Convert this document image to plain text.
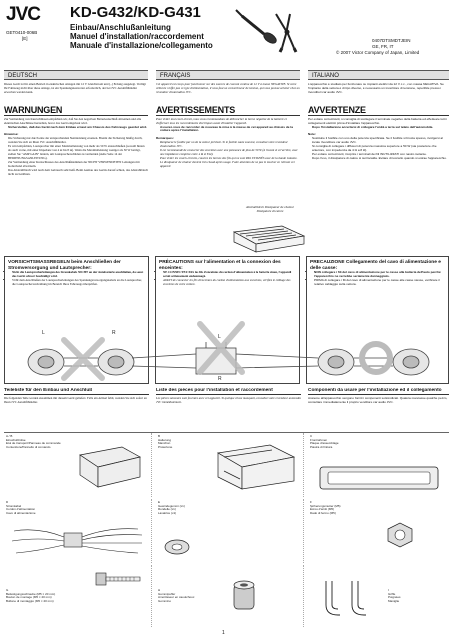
JVC KD-G432/KD-G431
Einbau/Anschlußanleitung
Manuel d'installation/raccordement
Manuale d'installazione/collegamento
GET0410-006B
[E]	0407DTSMDTJEIN
GE, FR, IT
© 2007 Victor Company of Japan, Limited
DEUTSCH	FRANÇAIS	ITALIANO
Dieses Gerät ist für einen Betrieb in elektrischen Anlagen mit 12 V Gleichstrom und (–) Erdung ausgelegt. Verfügt Ihr Fahrzeug nicht über diese Anlage, ist ein Spannungskonverter erforderlich, der bei JVC Autohifihändler erworben werden kann.
WARNUNGEN
Zur Vermeidung von Kurzschlüssen empfehlen wir, daß Sie den negativen Batterieanschluß abtrennen und alle elektrischen Anschlüsse herstellen, bevor das Gerät eingebaut wird.
• Sicherstellen, daß das Gerät nach dem Einbau erneut am Chassis des Fahrzeugs geerdet wird.
Hinweise:
• Die Sicherung nur durch eine der entsprechenden Nennleistung ersetzen. Brennt die Sicherung häufig durch, wenden Sie sich an Ihren JVC Autohifihändler.
• Es wird empfohlen, Lautsprecher mit einer Maximalleistung von mehr als 50 W anzuschließen (sowohl hinten als auch vorne, mit einer Impedanz von 4 Ω bis 8 Ω). Wenn die Maximalleistung weniger als 50 W beträgt, stellen Sie "AMP GAIN" ändern, um Lautsprecherschäden zu vermeiden (siehe Seite 14 der BEDIENUNGSANLEITUNG).
• Zur Vermeidung einer Kurzschlusses des Anschlußklemmen der NICHT VERWENDETEN Leitungen mit Isolierband abwickeln.
• Das Abstrahlblech wird nach dem Gebrauch sehr heiß. Beim Ausbau des Geräts darauf achten, das Abstrahlblech nicht zu berühren.
Cet appareil est conçu pour fonctionner sur des sources de courant continu de 12 V à masse NÉGATIVE. Si votre véhicule n'offre pas ce type d'alimentation, il vous faut un convertisseur de tension, qui vous pouvez acheter chez un revendeur d'autoradios JVC.
AVERTISSEMENTS
Pour éviter tout court-circuit, nous vous recommandons de débrancher la borne négative de la batterie et d'effectuer tous les raccordements électriques avant d'installer l'appareil.
• Assurez-vous de raccorder de nouveau la mise à la masse de cet appareil au châssis de la voiture après l'installation.
Remarques:
• Remplacez le fusible par un de la valeur précisée. Si le fusible saute souvent, consultez votre revendeur d'autoradios JVC.
• Il est recommandé de connecter des enceintes avec une puissance de plus de 50 W (à l'avant et à l'arrière, avec une impédance comprise entre 4 Ω et 8 Ω).
• Pour éviter les courts-circuits, couvrez les bornes des fils qui ne sont PAS UTILISÉS avec de la bande isolante.
• Le dissipateur de chaleur devient très chaud après usage. Faire attention de ne pas le toucher en retirant cet appareil.
Abstrahlblech Dissipateur de chaleur Dissipatore di calore
L'apparecchio è studiato per funzionare su impianti elettrici da 12 V c.c., con massa NEGATIVA. Se l'impianto della vettura è di tipo diverso, è necessario un invertitore di tensione, reperibile presso i rivenditori car audio JVC.
AVVERTENZE
Per evitare cortocircuiti, si consiglia di scollegare il terminale negativo della batteria ed effettuare tutti i collegamenti elettrici prima d'installare l'apparecchio.
• Dopo l'installazione accertarsi di collegare l'unità a terra sul telaio dell'automobile.
Note:
• Sostituire il fusibile con uno della potenza specificata. Se il fusibile si brucia spesso, rivolgersi al locale rivenditore car audio JVC.
• Si consiglia di collegare i diffusori di potenza massima superiore a 50 W (sia posteriore che anteriore, con impedenza da 4 Ω a 8 Ω).
• Per evitare cortocircuiti, ricoprire i terminali dei fili INUTILIZZATI con nastro isolante.
• Dopo l'uso, il dissipatore di calore si surriscalda. Evitare di toccarlo quando si estrae l'apparecchio.
VORSICHTSMASSREGELN beim Anschließen der Stromversorgung und Lautsprecher:
• Nicht die Lautsprecherleitungen des Stromkabels NICHT an der Autobatterie anschließen, da sonst das Gerät schwer beschädigt wird.
• VOR dem Anschließen der Lautsprecherleitungen des Spannungsversorgungskabels an die Lautsprecher, die Lautsprecherverdrahtung im Bereich Ihres Fahrzeugs überprüfen.
PRÉCAUTIONS sur l'alimentation et la connexion des enceintes:
• NE CONNECTEZ PAS les fils d'enceintes du cordon d'alimentation à la batterie sinon, l'appareil serait sérieusement endommagé.
• AVANT de connecter les fils d'enceintes du cordon d'alimentation aux enceintes, vérifiez le câblage des enceintes de votre voiture.
PRECAUZIONI! Collegamento del cavo di alimentazione e delle casse:
• NON collegare i fili del cavo di alimentazione per le casse alla batteria dell'auto perché l'apparecchio ne verrebbe seriamente danneggiato.
• PRIMA di collegare i fili del cavo di alimentazione per le casse alle casse stesse, verificare il relativo cablaggio sulla vettura.
L	R
L
R
Teileliste für den Einbau und Anschluß
Die folgenden Teile werden zusammen mit diesem Gerät geliefert. Falls ein Artikel fehlt, wenden Sie sich sofort an Ihren JVC Autohifihändler.
Liste des pièces pour l'installation et raccordement
Les pièces suivantes sont fournies avec cet appareil. Si quelque chose manquait, consultez votre revendeur autoradio JVC immédiatement.
Componenti da usare per l'installazione ed il collegamento
Assieme all'apparecchio vengono forniti i componenti sottoindicati. Qualora mancasse qualche pezzo, consultare immediatamente il proprio venditore car audio JVC.
A / B
Einschubhülse
Etui de transport/Panneau de commande
Contenitore/Pannello di comando
B
Halterung
Manchon
Protezione
C
Frontrahmen
Plaque d'assemblage
Piastra di finitura
D
Stromkabel
Cordon d'alimentation
Cavo di alimentazione
E
Gewindegummi (x1)
Rondelle (x1)
Lavatrice (x1)
F
Sicherungsmutter (M5)
Écrou d'arrêt (M5)
Dado di fermo (M5)
G
Befestigungsschraube (M5 × 20 mm)
Boulon de montage (M5 × 20 mm)
Bullone di montaggio (M5 × 20 mm)
H
Gummipuffer
Amortisseur en caoutchouc
Gommino
I
Griffe
Poignées
Maniglie
1
